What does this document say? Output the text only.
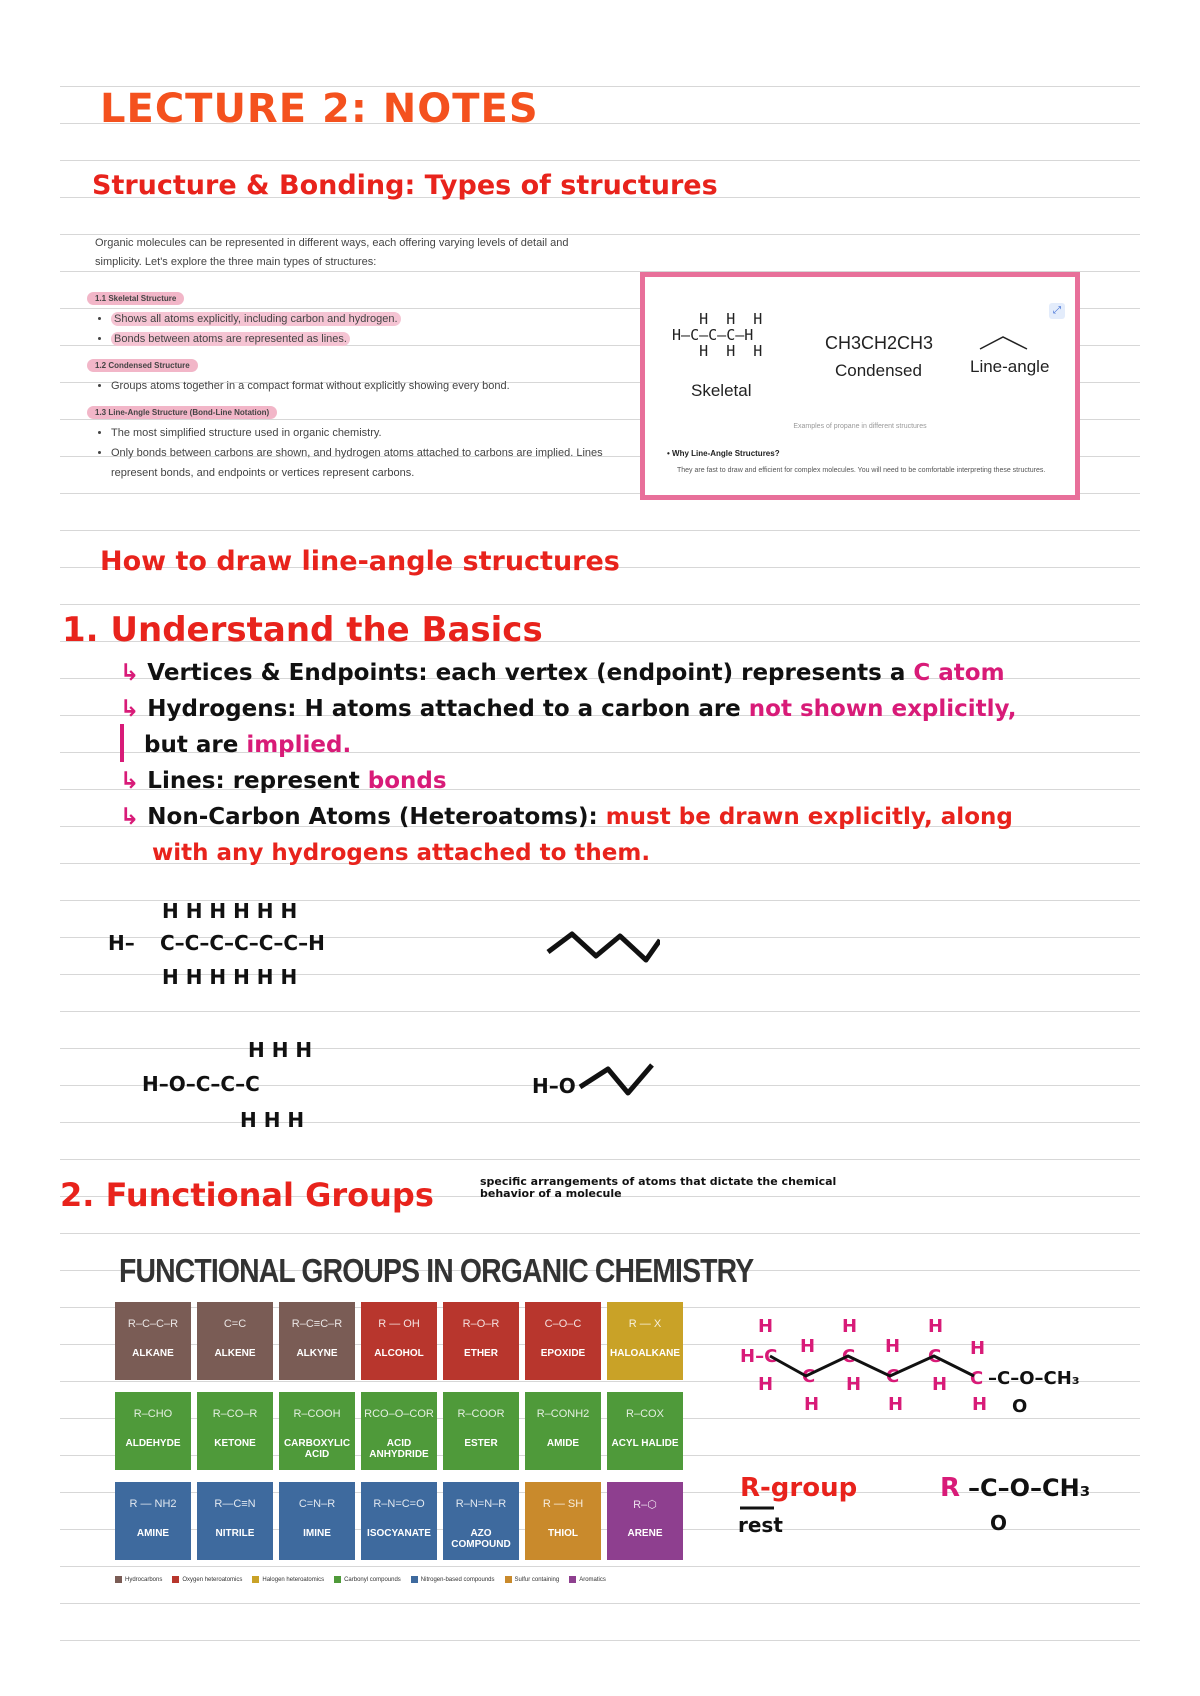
LECTURE 2: NOTES
Structure & Bonding: Types of structures

Organic molecules can be represented in different ways, each offering varying levels of detail and simplicity. Let's explore the three main types of structures:

1.1 Skeletal Structure
• Shows all atoms explicitly, including carbon and hydrogen.
• Bonds between atoms are represented as lines.
1.2 Condensed Structure
• Groups atoms together in a compact format without explicitly showing every bond.
1.3 Line-Angle Structure (Bond-Line Notation)
• The most simplified structure used in organic chemistry.
• Only bonds between carbons are shown, and hydrogen atoms attached to carbons are implied. Lines represent bonds, and endpoints or vertices represent carbons.
⤢
H  H  H
H–C–C–C–H
H  H  H
Skeletal
CH3CH2CH3
Condensed	Line-angle
Examples of propane in different structures
• Why Line-Angle Structures?
They are fast to draw and efficient for complex molecules. You will need to be comfortable interpreting these structures.
How to draw line-angle structures
1. Understand the Basics
↳ Vertices & Endpoints: each vertex (endpoint) represents a C atom
↳ Hydrogens: H atoms attached to a carbon are not shown explicitly,
but are implied.
↳ Lines: represent bonds
↳ Non-Carbon Atoms (Heteroatoms): must be drawn explicitly, along
with any hydrogens attached to them.
H– C–C–C–C–C–C–H
H H H H H H
H H H H H H
H–O–C–C–C
H H H
H H H
H–O
2. Functional Groups	specific arrangements of atoms that dictate the chemical behavior of a molecule
FUNCTIONAL GROUPS IN ORGANIC CHEMISTRY
R–C–C–R
ALKANE
C=C
ALKENE
R–C≡C–R
ALKYNE
R — OH
ALCOHOL
R–O–R
ETHER
C–O–C
EPOXIDE
R — X
HALOALKANE
R–CHO
ALDEHYDE
R–CO–R
KETONE
R–COOH
CARBOXYLIC ACID
RCO–O–COR
ACID ANHYDRIDE
R–COOR
ESTER
R–CONH2
AMIDE
R–COX
ACYL HALIDE
R — NH2
AMINE
R—C≡N
NITRILE
C=N–R
IMINE
R–N=C=O
ISOCYANATE
R–N=N–R
AZO COMPOUND
R — SH
THIOL
R–⬡
ARENE
Hydrocarbons	Oxygen heteroatomics	Halogen heteroatomics	Carbonyl compounds	Nitrogen-based compounds	Sulfur containing	Aromatics
H
H–C
H
H
C
H
H
C
H
H
C
H
H
C
H
H
C
H
–C–O–CH₃
O
R-group
rest
R –C–O–CH₃
O
